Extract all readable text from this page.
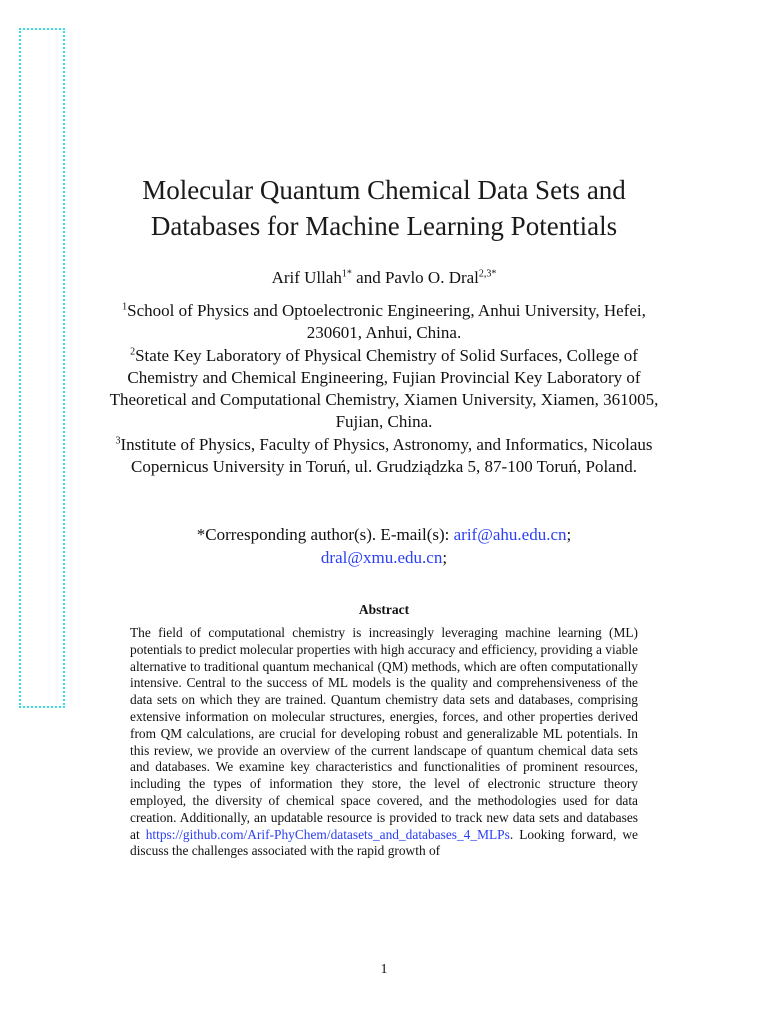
Molecular Quantum Chemical Data Sets and
Databases for Machine Learning Potentials
Arif Ullah$^{1*}$ and Pavlo O. Dral$^{2,3*}$

$^1$School of Physics and Optoelectronic Engineering, Anhui University, Hefei, 230601, Anhui, China.

$^2$State Key Laboratory of Physical Chemistry of Solid Surfaces, College of Chemistry and Chemical Engineering, Fujian Provincial Key Laboratory of Theoretical and Computational Chemistry, Xiamen University, Xiamen, 361005, Fujian, China.

$^3$Institute of Physics, Faculty of Physics, Astronomy, and Informatics, Nicolaus Copernicus University in Toruń, ul. Grudziądzka 5, 87-100 Toruń, Poland.

*Corresponding author(s). E-mail(s): arif@ahu.edu.cn;
dral@xmu.edu.cn;
Abstract

The field of computational chemistry is increasingly leveraging machine learning (ML) potentials to predict molecular properties with high accuracy and efficiency, providing a viable alternative to traditional quantum mechanical (QM) methods, which are often computationally intensive. Central to the success of ML models is the quality and comprehensiveness of the data sets on which they are trained. Quantum chemistry data sets and databases, comprising extensive information on molecular structures, energies, forces, and other properties derived from QM calculations, are crucial for developing robust and generalizable ML potentials. In this review, we provide an overview of the current landscape of quantum chemical data sets and databases. We examine key characteristics and functionalities of prominent resources, including the types of information they store, the level of electronic structure theory employed, the diversity of chemical space covered, and the methodologies used for data creation. Additionally, an updatable resource is provided to track new data sets and databases at https://github.com/Arif-PhyChem/datasets_and_databases_4_MLPs. Looking forward, we discuss the challenges associated with the rapid growth of

1
